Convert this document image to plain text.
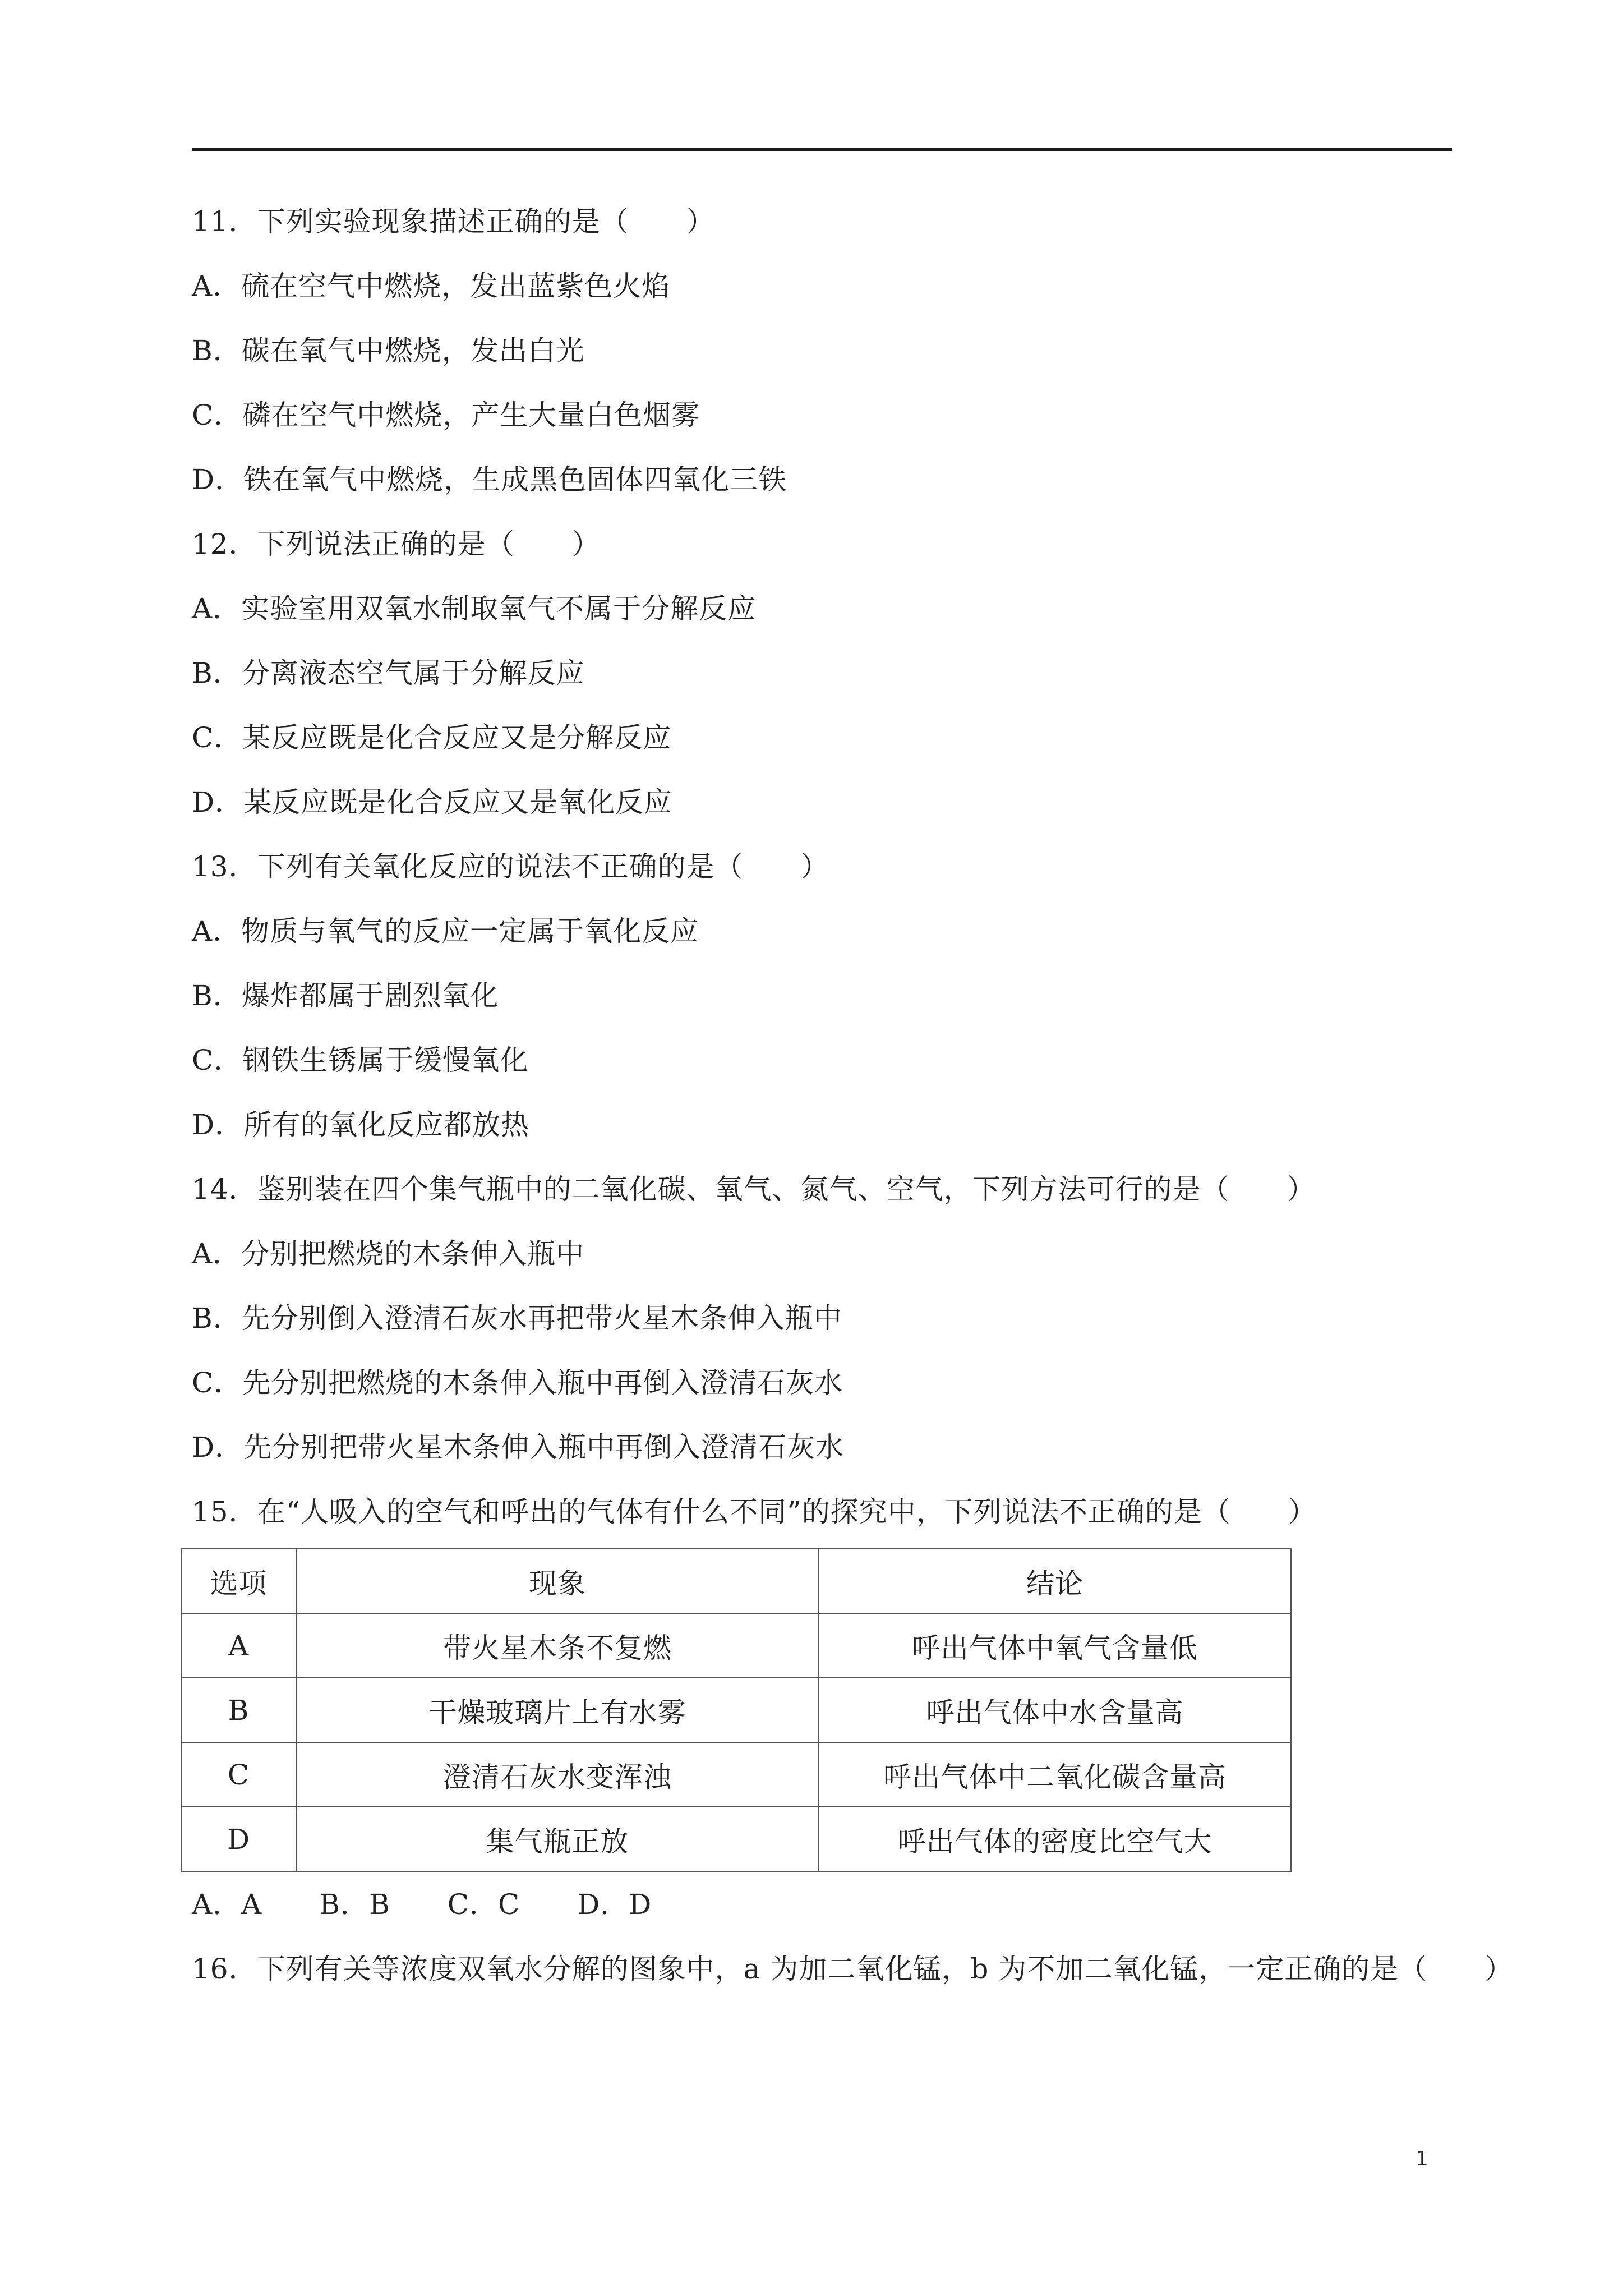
11．下列实验现象描述正确的是（　　）
A．硫在空气中燃烧，发出蓝紫色火焰
B．碳在氧气中燃烧，发出白光
C．磷在空气中燃烧，产生大量白色烟雾
D．铁在氧气中燃烧，生成黑色固体四氧化三铁
12．下列说法正确的是（　　）
A．实验室用双氧水制取氧气不属于分解反应
B．分离液态空气属于分解反应
C．某反应既是化合反应又是分解反应
D．某反应既是化合反应又是氧化反应
13．下列有关氧化反应的说法不正确的是（　　）
A．物质与氧气的反应一定属于氧化反应
B．爆炸都属于剧烈氧化
C．钢铁生锈属于缓慢氧化
D．所有的氧化反应都放热
14．鉴别装在四个集气瓶中的二氧化碳、氧气、氮气、空气，下列方法可行的是（　　）
A．分别把燃烧的木条伸入瓶中
B．先分别倒入澄清石灰水再把带火星木条伸入瓶中
C．先分别把燃烧的木条伸入瓶中再倒入澄清石灰水
D．先分别把带火星木条伸入瓶中再倒入澄清石灰水
15．在“人吸入的空气和呼出的气体有什么不同”的探究中，下列说法不正确的是（　　）
选项	现象	结论
A	带火星木条不复燃	呼出气体中氧气含量低
B	干燥玻璃片上有水雾	呼出气体中水含量高
C	澄清石灰水变浑浊	呼出气体中二氧化碳含量高
D	集气瓶正放	呼出气体的密度比空气大
A．A　　B．B　　C．C　　D．D
16．下列有关等浓度双氧水分解的图象中，a 为加二氧化锰，b 为不加二氧化锰，一定正确的是（　　）
1
